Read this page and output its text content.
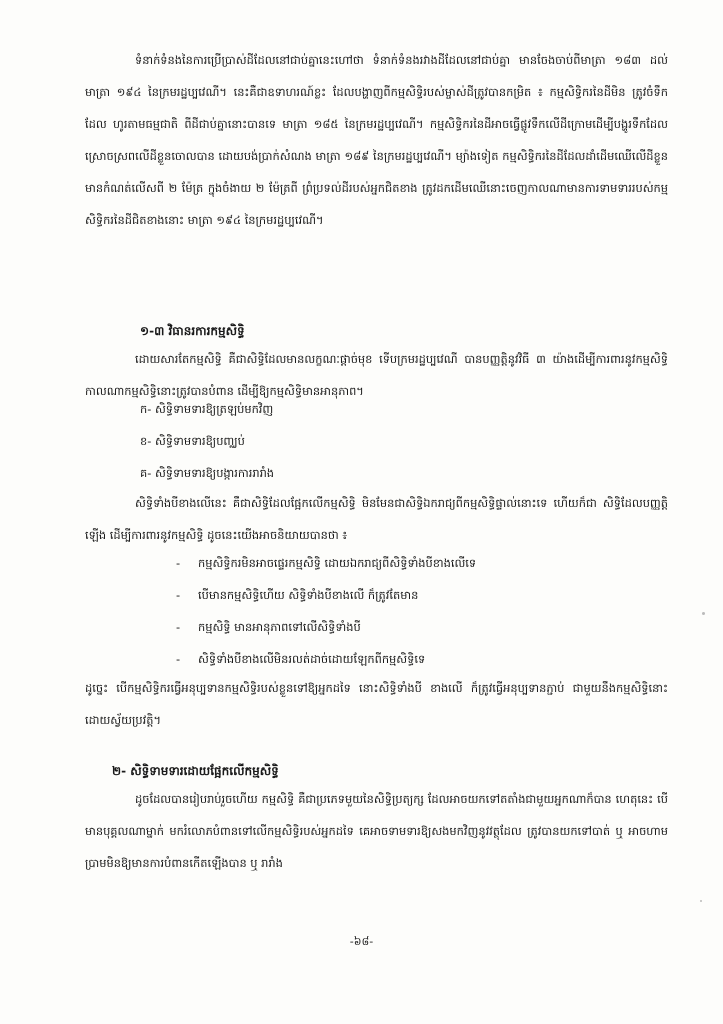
ទំនាក់ទំនងនៃការប្រើប្រាស់ដីដែលនៅជាប់គ្នានេះហៅថា ទំនាក់ទំនងរវាងដីដែលនៅជាប់គ្នា មានចែងចាប់ពីមាត្រា ១៨៣ ដល់ មាត្រា ១៩៤ នៃក្រមរដ្ឋប្បវេណី។ នេះគឺជាឧទាហរណ៍ខ្លះ ដែលបង្ហាញពីកម្មសិទ្ធិរបស់ម្ចាស់ដីត្រូវបានកម្រិត ៖ កម្មសិទ្ធិករនៃដីមិន ត្រូវចំទឹកដែល ហូរតាមធម្មជាតិ ពីដីជាប់គ្នានោះបានទេ មាត្រា ១៨៥ នៃក្រមរដ្ឋប្បវេណី។ កម្មសិទ្ធិករនៃដីអាចធ្វើផ្លូវទឹកលើដីក្រោមដើម្បីបង្ហូរទឹកដែលស្រោចស្រពលើដីខ្លួនចោលបាន ដោយបង់ប្រាក់សំណង មាត្រា ១៨៩ នៃក្រមរដ្ឋប្បវេណី។ ម្យ៉ាងទៀត កម្មសិទ្ធិករនៃដីដែលដាំដើមឈើលើដីខ្លួនមានកំណត់លើសពី ២ ម៉ែត្រ ក្នុងចំងាយ ២ ម៉ែត្រពី ព្រំប្រទល់ដីរបស់អ្នកជិតខាង ត្រូវដកដើមឈើនោះចេញកាលណាមានការទាមទាររបស់កម្មសិទ្ធិករនៃដីជិតខាងនោះ មាត្រា ១៩៤ នៃក្រមរដ្ឋប្បវេណី។

១-៣ វិធានរការកម្មសិទ្ធិ

ដោយសារតែកម្មសិទ្ធិ គឺជាសិទ្ធិដែលមានលក្ខណៈផ្តាច់មុខ ទើបក្រមរដ្ឋប្បវេណី បានបញ្ញត្តិនូវវិធី ៣ យ៉ាងដើម្បីការពារនូវកម្មសិទ្ធិ កាលណាកម្មសិទ្ធិនោះត្រូវបានបំពាន ដើម្បីឱ្យកម្មសិទ្ធិមានអានុភាព។

ក- សិទ្ធិទាមទារឱ្យត្រឡប់មកវិញ

ខ- សិទ្ធិទាមទារឱ្យបញ្ឈប់

គ- សិទ្ធិទាមទារឱ្យបង្ការការរារាំង

សិទ្ធិទាំងបីខាងលើនេះ គឺជាសិទ្ធិដែលផ្អែកលើកម្មសិទ្ធិ មិនមែនជាសិទ្ធិឯករាជ្យពីកម្មសិទ្ធិផ្ទាល់នោះទេ ហើយក៏ជា សិទ្ធិដែលបញ្ញត្តិឡើង ដើម្បីការពារនូវកម្មសិទ្ធិ ដូចនេះយើងអាចនិយាយបានថា ៖

- កម្មសិទ្ធិករមិនអាចផ្ទេរកម្មសិទ្ធិ ដោយឯករាជ្យពីសិទ្ធិទាំងបីខាងលើទេ

- បើមានកម្មសិទ្ធិហើយ សិទ្ធិទាំងបីខាងលើ ក៏ត្រូវតែមាន

- កម្មសិទ្ធិ មានអានុភាពទៅលើសិទ្ធិទាំងបី

- សិទ្ធិទាំងបីខាងលើមិនរលត់ដាច់ដោយឡែកពីកម្មសិទ្ធិទេ

ដូច្នេះ បើកម្មសិទ្ធិករធ្វើអនុប្បទានកម្មសិទ្ធិរបស់ខ្លួនទៅឱ្យអ្នកដទៃ នោះសិទ្ធិទាំងបី ខាងលើ ក៏ត្រូវធ្វើអនុប្បទានភ្ជាប់ ជាមួយនឹងកម្មសិទ្ធិនោះដោយស្វ័យប្រវត្តិ។

២- សិទ្ធិទាមទារដោយផ្អែកលើកម្មសិទ្ធិ

ដូចដែលបានរៀបរាប់រួចហើយ កម្មសិទ្ធិ គឺជាប្រភេទមួយនៃសិទ្ធិប្រត្យក្ស ដែលអាចយកទៅតតាំងជាមួយអ្នកណាក៏បាន ហេតុនេះ បើមានបុគ្គលណាម្នាក់ មករំលោភបំពានទៅលើកម្មសិទ្ធិរបស់អ្នកដទៃ គេអាចទាមទារឱ្យសងមកវិញនូវវត្ថុដែល ត្រូវបានយកទៅបាត់ ឬ អាចហាមប្រាមមិនឱ្យមានការបំពានកើតឡើងបាន ឬ រារាំង

-៦៨-
